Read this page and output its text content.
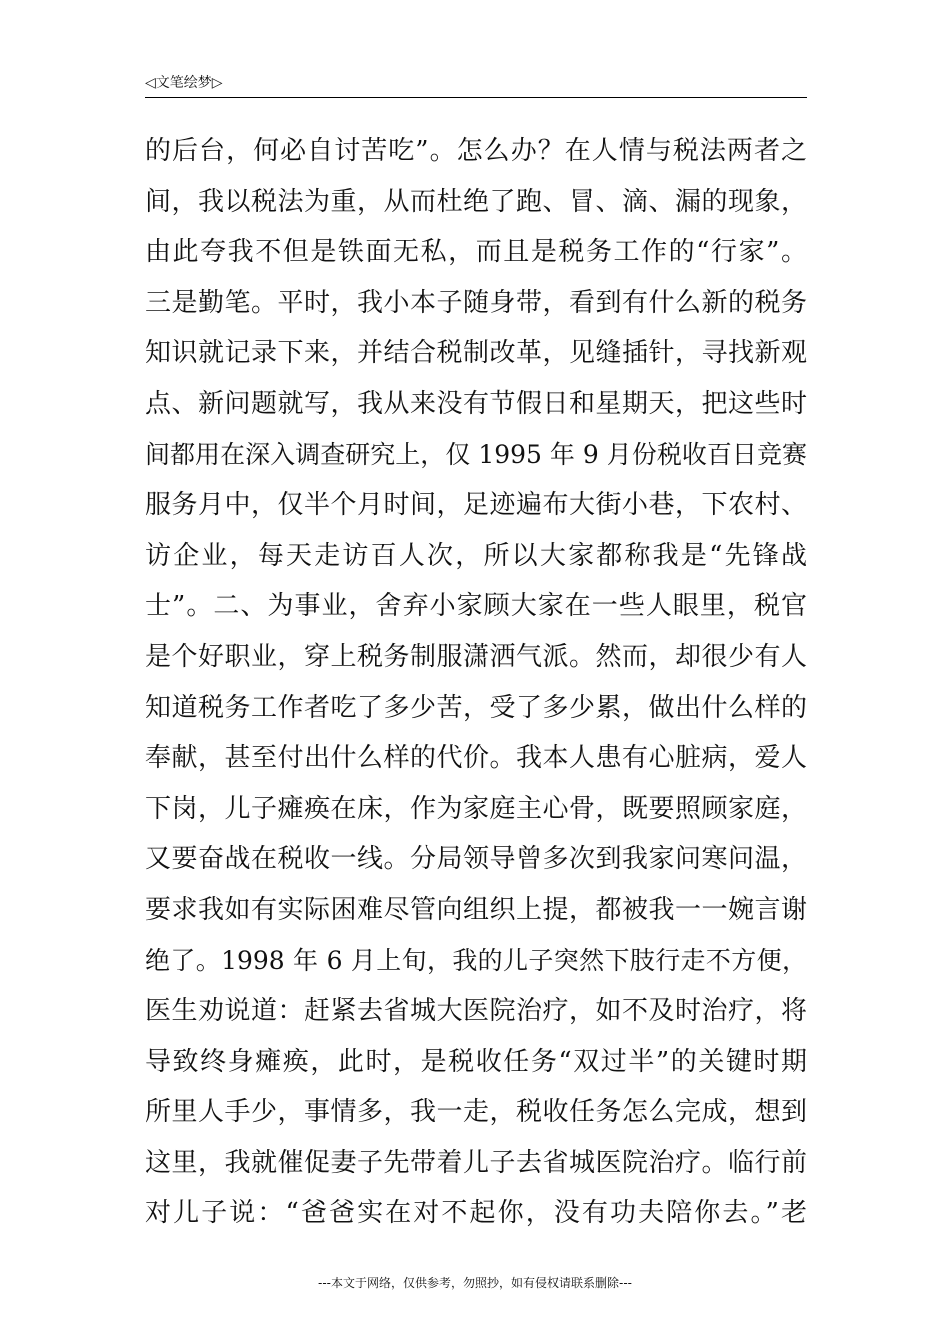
◁文笔绘梦▷
的后台，何必自讨苦吃”。怎么办？在人情与税法两者之
间，我以税法为重，从而杜绝了跑、冒、滴、漏的现象，
由此夸我不但是铁面无私，而且是税务工作的“行家”。
三是勤笔。平时，我小本子随身带，看到有什么新的税务
知识就记录下来，并结合税制改革，见缝插针，寻找新观
点、新问题就写，我从来没有节假日和星期天，把这些时
间都用在深入调查研究上，仅 1995 年 9 月份税收百日竞赛
服务月中，仅半个月时间，足迹遍布大街小巷，下农村、
访企业，每天走访百人次，所以大家都称我是“先锋战
士”。二、为事业，舍弃小家顾大家在一些人眼里，税官
是个好职业，穿上税务制服潇洒气派。然而，却很少有人
知道税务工作者吃了多少苦，受了多少累，做出什么样的
奉献，甚至付出什么样的代价。我本人患有心脏病，爱人
下岗，儿子瘫痪在床，作为家庭主心骨，既要照顾家庭，
又要奋战在税收一线。分局领导曾多次到我家问寒问温，
要求我如有实际困难尽管向组织上提，都被我一一婉言谢
绝了。1998 年 6 月上旬，我的儿子突然下肢行走不方便，
医生劝说道：赶紧去省城大医院治疗，如不及时治疗，将
导致终身瘫痪，此时，是税收任务“双过半”的关键时期
所里人手少，事情多，我一走，税收任务怎么完成，想到
这里，我就催促妻子先带着儿子去省城医院治疗。临行前
对儿子说：“爸爸实在对不起你，没有功夫陪你去。”老
---本文于网络，仅供参考，勿照抄，如有侵权请联系删除---
